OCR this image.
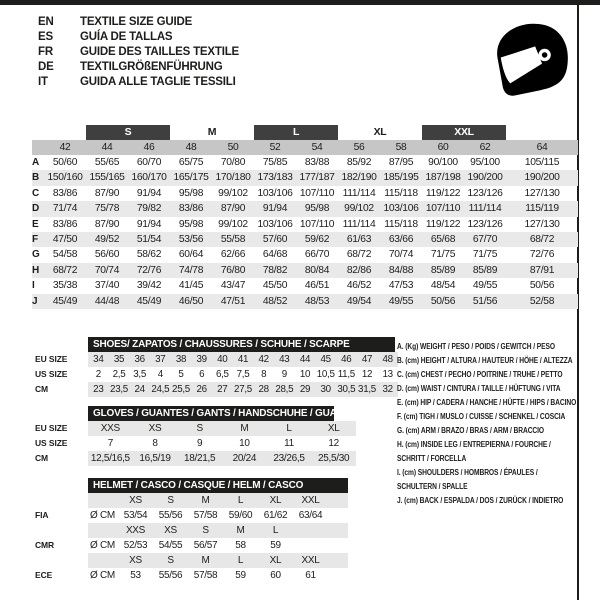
EN	TEXTILE SIZE GUIDE
ES	GUÍA DE TALLAS
FR	GUIDE DES TAILLES TEXTILE
DE	TEXTILGRÖßENFÜHRUNG
IT	GUIDA ALLE TAGLIE TESSILI
S	M	L	XL	XXL
42	44	46	48	50	52	54	56	58	60	62	64
A	50/60	55/65	60/70	65/75	70/80	75/85	83/88	85/92	87/95	90/100	95/100	105/115
B 150/160 155/165 160/170 165/175 170/180 173/183 177/187 182/190 185/195 187/198 190/200	190/200
C	83/86	87/90	91/94	95/98	99/102 103/106 107/110 111/114 115/118 119/122 123/126	127/130
D	71/74	75/78	79/82	83/86	87/90	91/94	95/98	99/102 103/106 107/110 111/114	115/119
E	83/86	87/90	91/94	95/98	99/102 103/106 107/110 111/114 115/118 119/122 123/126	127/130
F	47/50	49/52	51/54	53/56	55/58	57/60	59/62	61/63	63/66	65/68	67/70	68/72
G	54/58	56/60	58/62	60/64	62/66	64/68	66/70	68/72	70/74	71/75	71/75	72/76
H	68/72	70/74	72/76	74/78	76/80	78/82	80/84	82/86	84/88	85/89	85/89	87/91
I	35/38	37/40	39/42	41/45	43/47	45/50	46/51	46/52	47/53	48/54	49/55	50/56
J	45/49	44/48	45/49	46/50	47/51	48/52	48/53	49/54	49/55	50/56	51/56	52/58
SHOES/ ZAPATOS / CHAUSSURES / SCHUHE / SCARPE
EU SIZE	34	35	36	37	38	39	40	41	42	43	44	45	46	47	48
US SIZE	2	2,5 3,5	4	5	6	6,5 7,5	8	9	10 10,5 11,5 12	13
CM	23 23,5 24 24,5 25,5 26	27 27,5 28 28,5 29	30 30,5 31,5 32
GLOVES / GUANTES / GANTS / HANDSCHUHE / GUANTI
EU SIZE	XXS	XS	S	M	L	XL
US SIZE	7	8	9	10	11	12
CM	12,5/16,5 16,5/19	18/21,5	20/24	23/26,5	25,5/30
HELMET / CASCO / CASQUE / HELM / CASCO
XS	S	M	L	XL	XXL
FIA	Ø CM 53/54	55/56	57/58	59/60	61/62	63/64
XXS	XS	S	M	L
CMR	Ø CM 52/53	54/55	56/57	58	59
XS	S	M	L	XL	XXL
ECE	Ø CM	53	55/56	57/58	59	60	61
A. (Kg) WEIGHT / PESO / POIDS / GEWITCH / PESO
B. (cm) HEIGHT / ALTURA / HAUTEUR / HÖHE / ALTEZZA
C. (cm) CHEST / PECHO / POITRINE / TRUHE / PETTO
D. (cm) WAIST / CINTURA / TAILLE / HÜFTUNG / VITA
E. (cm) HIP / CADERA / HANCHE / HÜFTE / HIPS / BACINO
F. (cm) TIGH / MUSLO / CUISSE / SCHENKEL / COSCIA
G. (cm) ARM / BRAZO / BRAS / ARM / BRACCIO
H. (cm) INSIDE LEG / ENTREPIERNA / FOURCHE / SCHRITT / FORCELLA
I. (cm) SHOULDERS / HOMBROS / ÉPAULES / SCHULTERN / SPALLE
J. (cm) BACK / ESPALDA / DOS / ZURÜCK / INDIETRO
